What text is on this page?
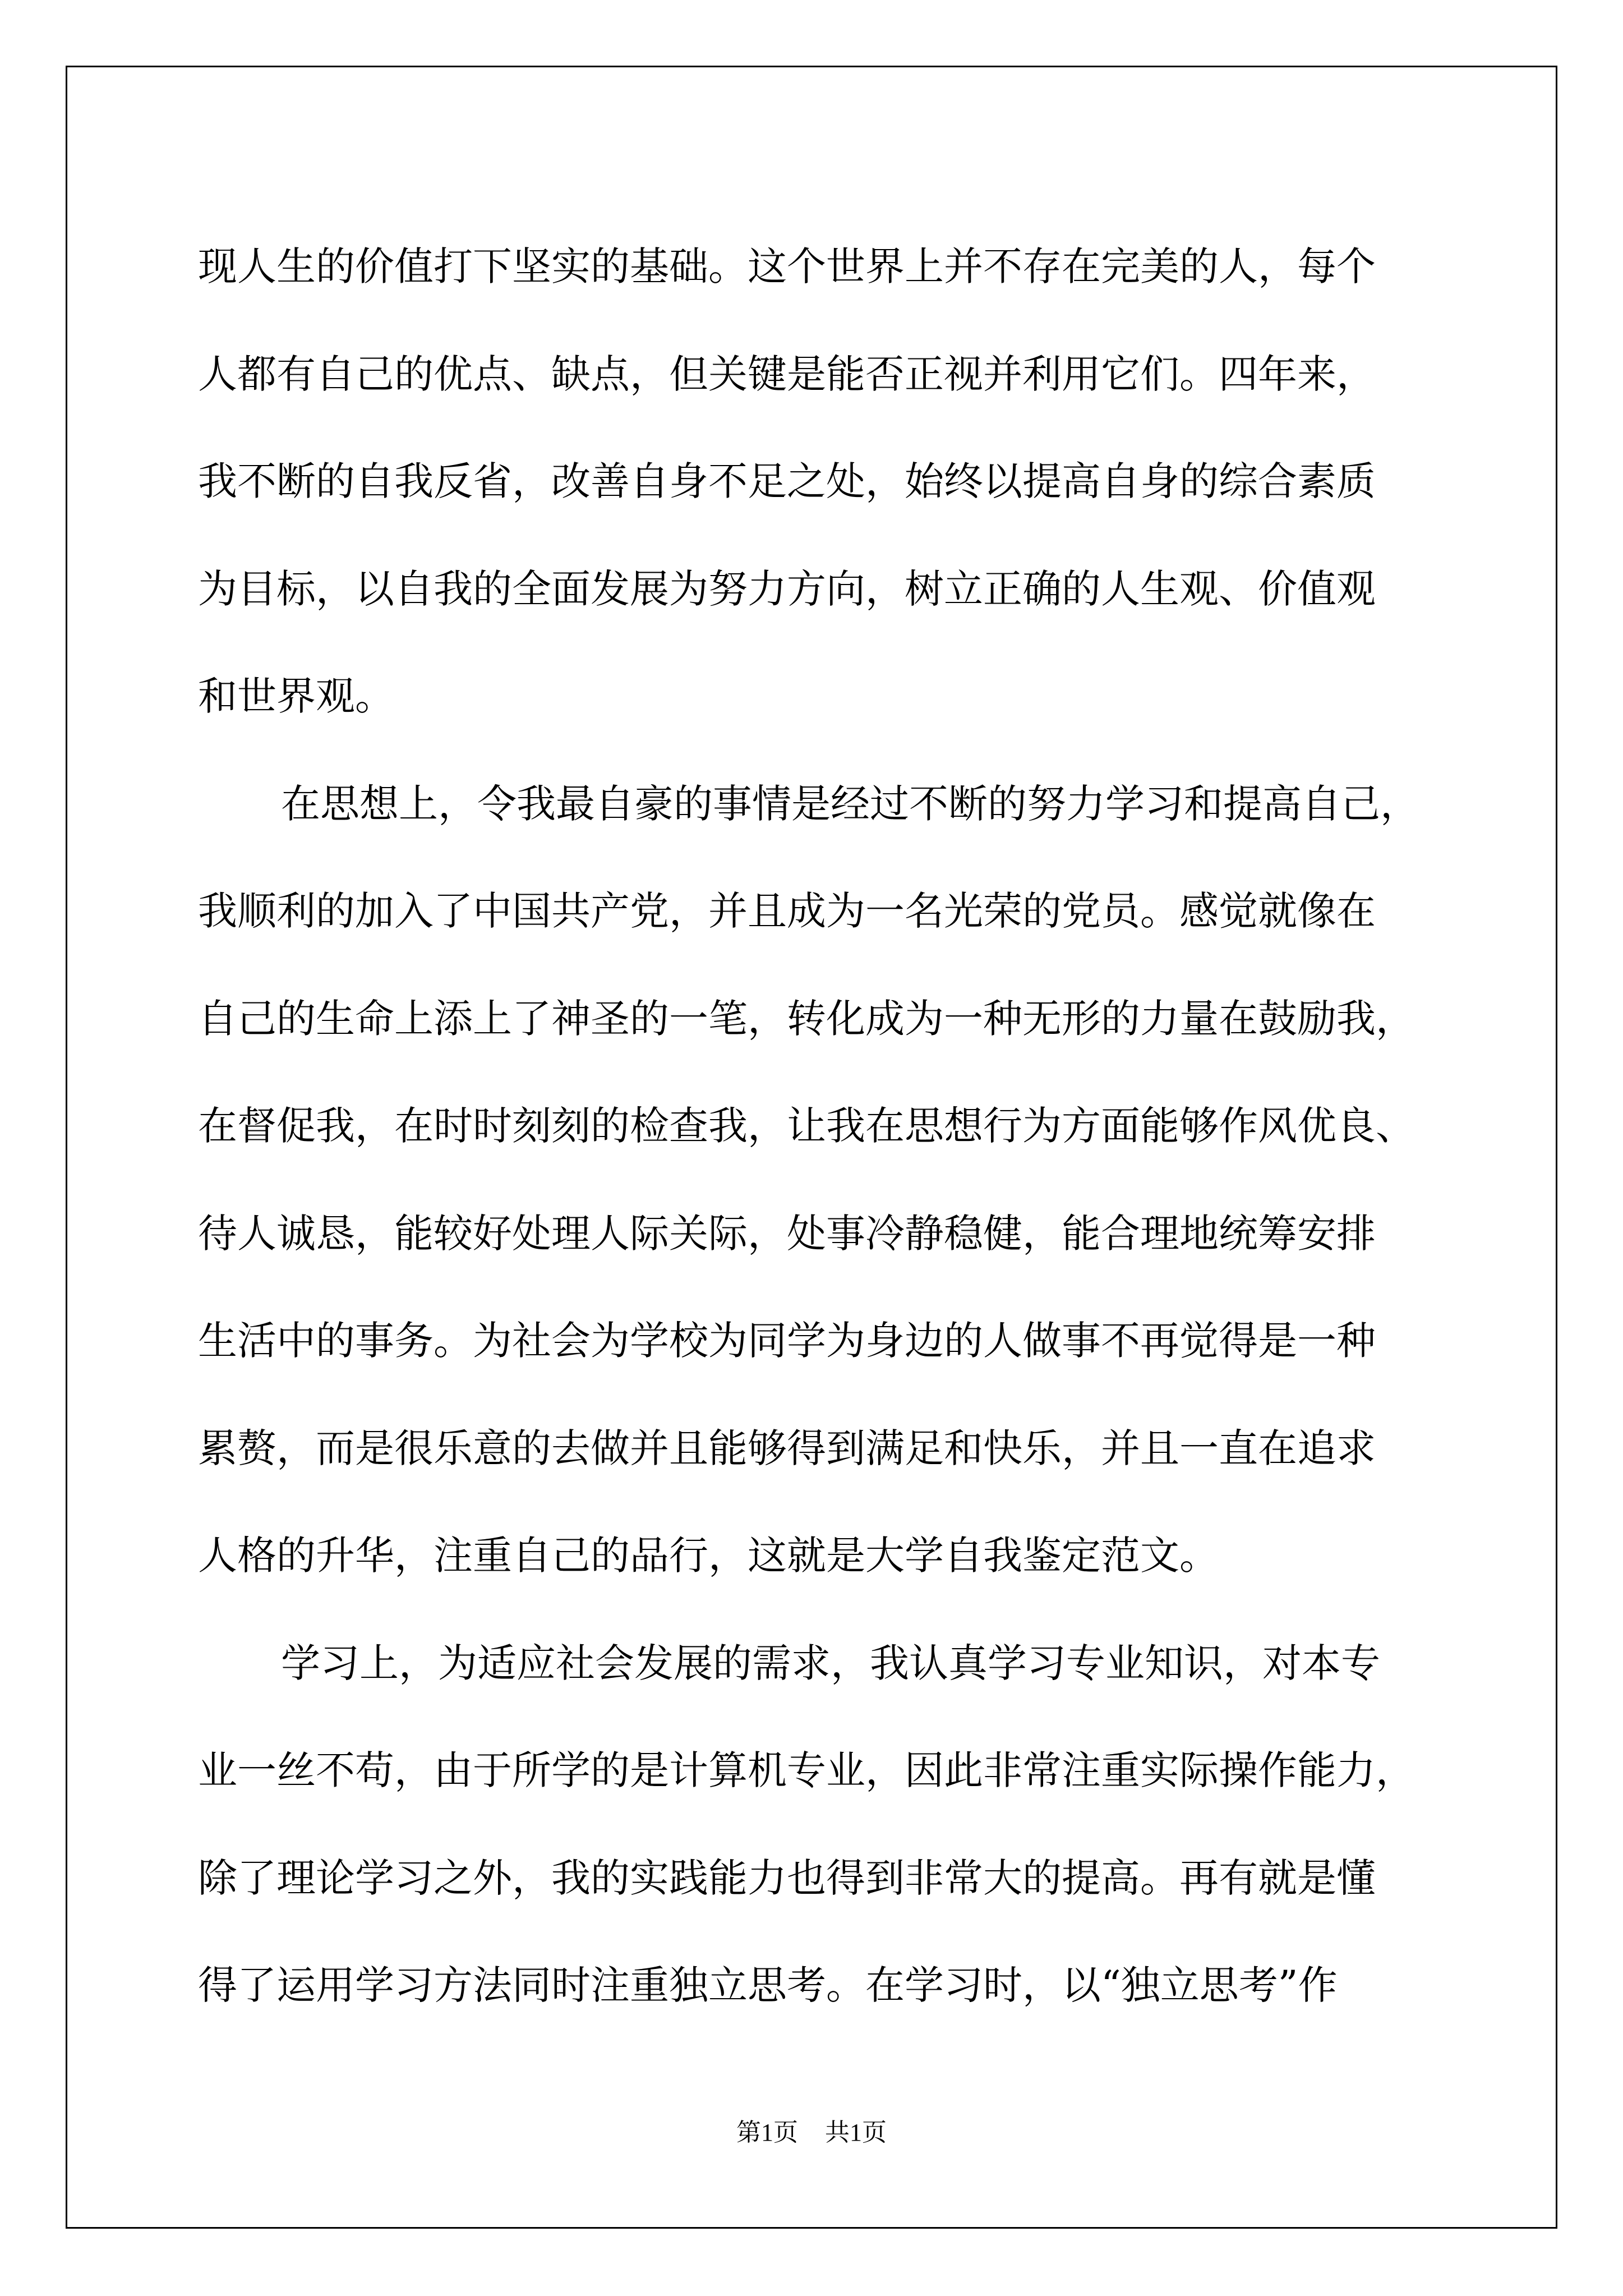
现人生的价值打下坚实的基础。这个世界上并不存在完美的人，每个
人都有自己的优点、缺点，但关键是能否正视并利用它们。四年来，
我不断的自我反省，改善自身不足之处，始终以提高自身的综合素质
为目标，以自我的全面发展为努力方向，树立正确的人生观、价值观
和世界观。
在思想上，令我最自豪的事情是经过不断的努力学习和提高自己，
我顺利的加入了中国共产党，并且成为一名光荣的党员。感觉就像在
自己的生命上添上了神圣的一笔，转化成为一种无形的力量在鼓励我，
在督促我，在时时刻刻的检查我，让我在思想行为方面能够作风优良、
待人诚恳，能较好处理人际关际，处事冷静稳健，能合理地统筹安排
生活中的事务。为社会为学校为同学为身边的人做事不再觉得是一种
累赘，而是很乐意的去做并且能够得到满足和快乐，并且一直在追求
人格的升华，注重自己的品行，这就是大学自我鉴定范文。
学习上，为适应社会发展的需求，我认真学习专业知识，对本专
业一丝不苟，由于所学的是计算机专业，因此非常注重实际操作能力，
除了理论学习之外，我的实践能力也得到非常大的提高。再有就是懂
得了运用学习方法同时注重独立思考。在学习时，以“独立思考”作
第1页 共1页
